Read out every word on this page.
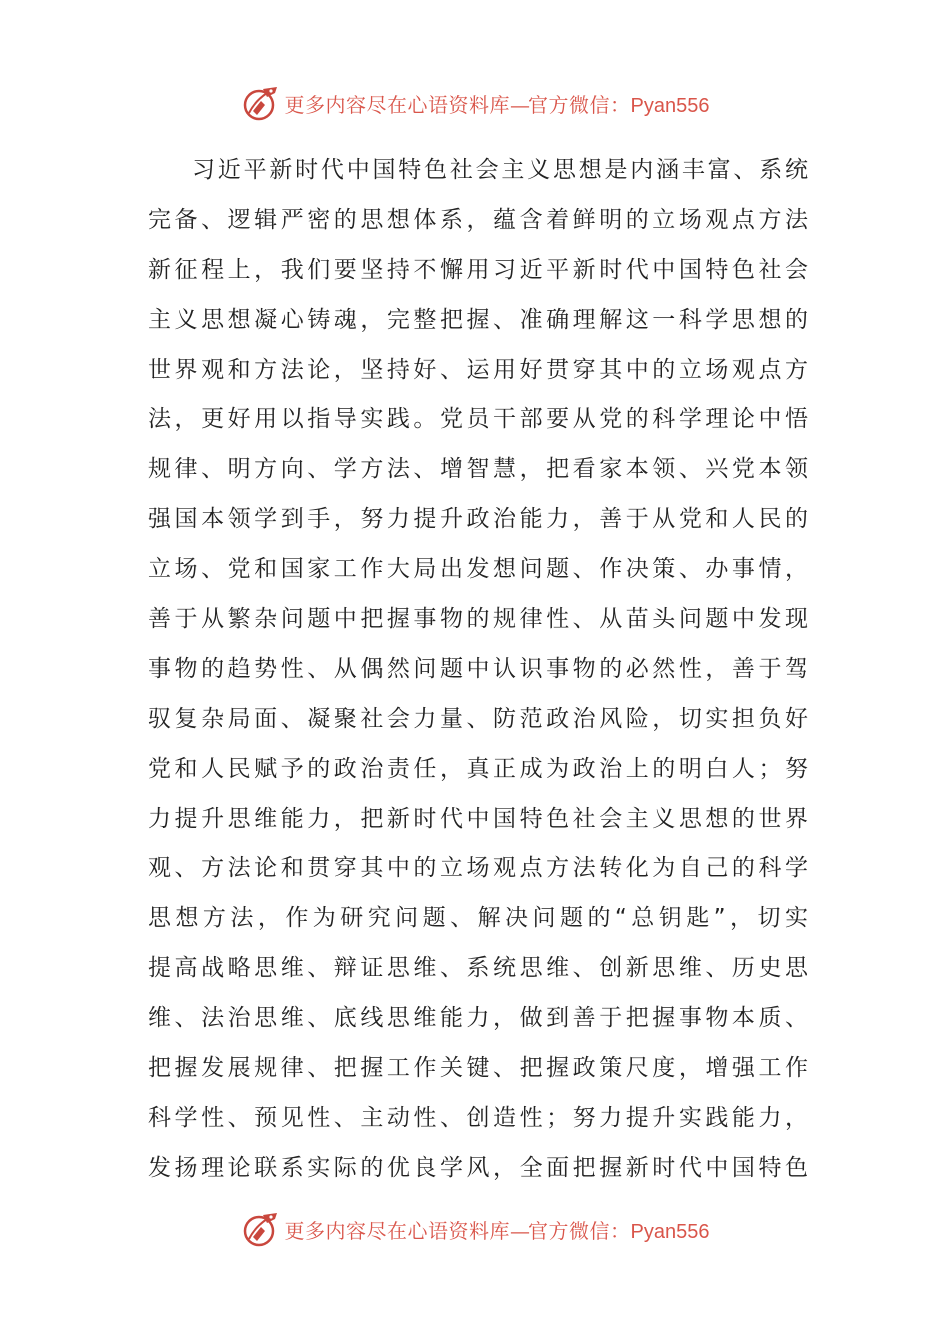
更多内容尽在心语资料库—官方微信：Pyan556
习近平新时代中国特色社会主义思想是内涵丰富、系统
完备、逻辑严密的思想体系，蕴含着鲜明的立场观点方法
新征程上，我们要坚持不懈用习近平新时代中国特色社会
主义思想凝心铸魂，完整把握、准确理解这一科学思想的
世界观和方法论，坚持好、运用好贯穿其中的立场观点方
法，更好用以指导实践。党员干部要从党的科学理论中悟
规律、明方向、学方法、增智慧，把看家本领、兴党本领
强国本领学到手，努力提升政治能力，善于从党和人民的
立场、党和国家工作大局出发想问题、作决策、办事情，
善于从繁杂问题中把握事物的规律性、从苗头问题中发现
事物的趋势性、从偶然问题中认识事物的必然性，善于驾
驭复杂局面、凝聚社会力量、防范政治风险，切实担负好
党和人民赋予的政治责任，真正成为政治上的明白人；努
力提升思维能力，把新时代中国特色社会主义思想的世界
观、方法论和贯穿其中的立场观点方法转化为自己的科学
思想方法，作为研究问题、解决问题的“总钥匙”，切实
提高战略思维、辩证思维、系统思维、创新思维、历史思
维、法治思维、底线思维能力，做到善于把握事物本质、
把握发展规律、把握工作关键、把握政策尺度，增强工作
科学性、预见性、主动性、创造性；努力提升实践能力，
发扬理论联系实际的优良学风，全面把握新时代中国特色
更多内容尽在心语资料库—官方微信：Pyan556
